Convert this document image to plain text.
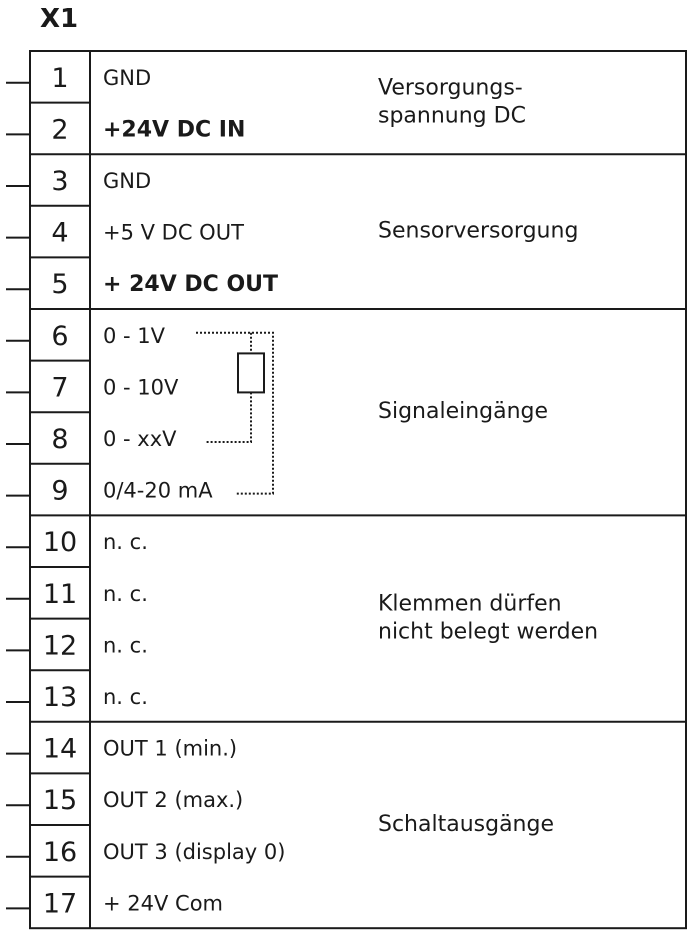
X1
1 GND
2 +24V DC IN
3 GND
4 +5 V DC OUT
5 + 24V DC OUT
6 0 - 1V
7 0 - 10V
8 0 - xxV
9 0/4-20 mA
10 n. c.
11 n. c.
12 n. c.
13 n. c.
14 OUT 1 (min.)
15 OUT 2 (max.)
16 OUT 3 (display 0)
17 + 24V Com
Versorgungs-
spannung DC
Sensorversorgung
Signaleingänge
Klemmen dürfen
nicht belegt werden
Schaltausgänge
